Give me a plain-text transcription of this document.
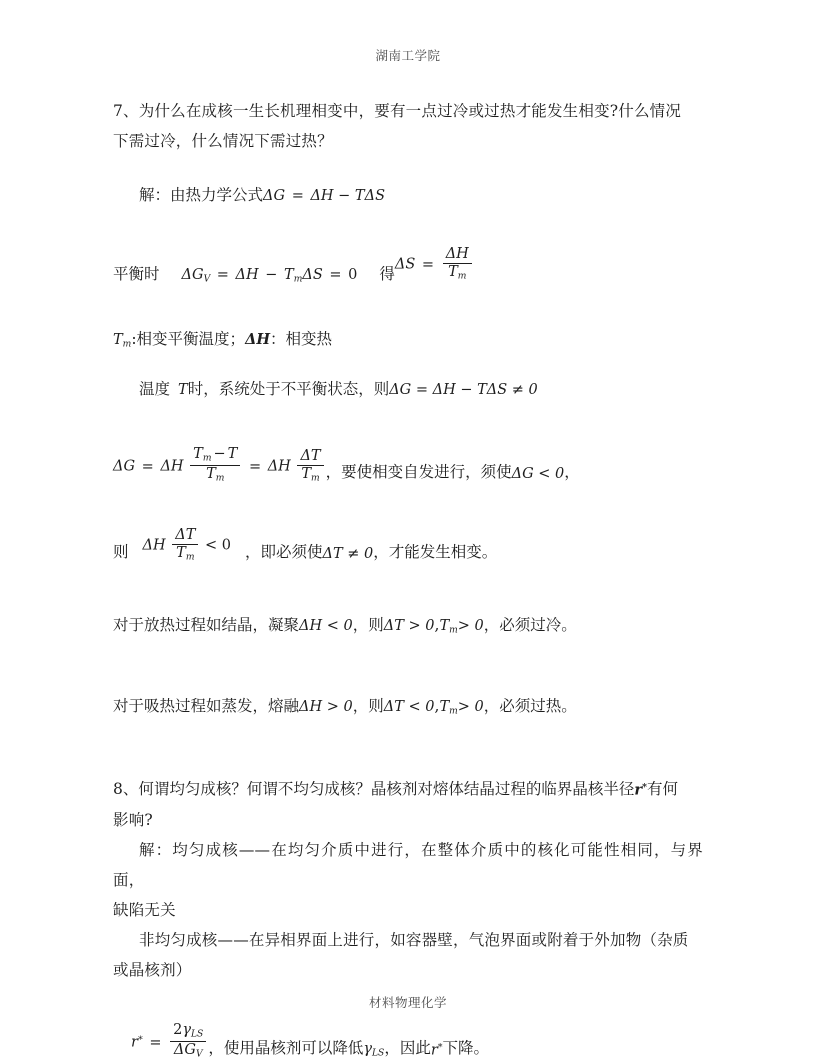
湖南工学院

7、为什么在成核一生长机理相变中，要有一点过冷或过热才能发生相变?什么情况

下需过冷，什么情况下需过热？

解：由热力学公式 ΔG = ΔH − TΔS
平衡时 $\Delta G_V = \Delta H - T_m\Delta S = 0$ 得
$\Delta S = \frac{\Delta H}{T_m}$
$T_m$ :相变平衡温度； ΔH ：相变热
温度 T 时，系统处于不平衡状态，则 ΔG = ΔH − TΔS ≠ 0
ΔG = ΔH $\frac{T_m - T}{T_m} = \Delta H \frac{\Delta T}{T_m}$ ，要使相变自发进行，须使 ΔG < 0 ，
则 ΔH $\frac{\Delta T}{T_m} < 0$ ，即必须使 ΔT ≠ 0 ，才能发生相变。
对于放热过程如结晶，凝聚 ΔH < 0 ，则 ΔT > 0 , $T_m > 0$ ，必须过冷。
对于吸热过程如蒸发，熔融 ΔH > 0 ，则 ΔT < 0 , $T_m > 0$ ，必须过热。
8、何谓均匀成核？何谓不均匀成核？晶核剂对熔体结晶过程的临界晶核半径 r* 有何

影响?

解：均匀成核——在均匀介质中进行，在整体介质中的核化可能性相同，与界面，

缺陷无关

非均匀成核——在异相界面上进行，如容器壁，气泡界面或附着于外加物（杂质

或晶核剂）

$r^* = \frac{2\gamma_{LS}}{\Delta G_V}$ ，使用晶核剂可以降低 $\gamma_{LS}$ ，因此 r* 下降。
材料物理化学
